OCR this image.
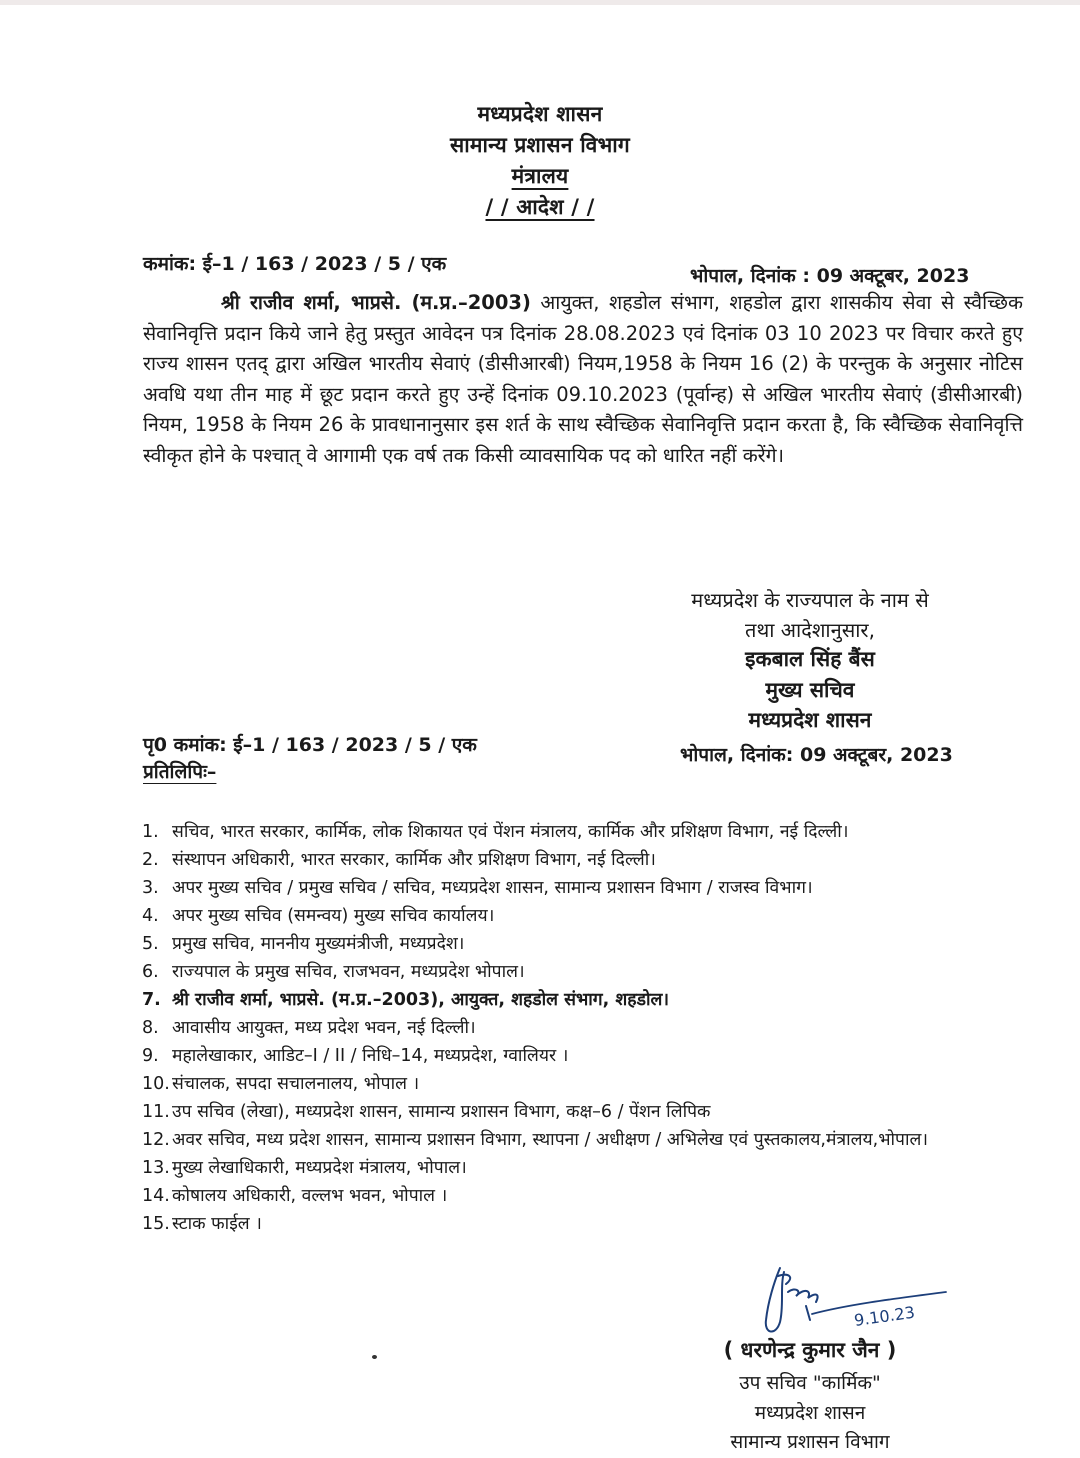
मध्यप्रदेश शासन
सामान्य प्रशासन विभाग
मंत्रालय
/ / आदेश / /
कमांक: ई–1 / 163 / 2023 / 5 / एक
भोपाल, दिनांक : 09 अक्टूबर, 2023
श्री राजीव शर्मा, भाप्रसे. (म.प्र.–2003) आयुक्त, शहडोल संभाग, शहडोल द्वारा शासकीय सेवा से स्वैच्छिक सेवानिवृत्ति प्रदान किये जाने हेतु प्रस्तुत आवेदन पत्र दिनांक 28.08.2023 एवं दिनांक 03 10 2023 पर विचार करते हुए राज्य शासन एतद् द्वारा अखिल भारतीय सेवाएं (डीसीआरबी) नियम,1958 के नियम 16 (2) के परन्तुक के अनुसार नोटिस अवधि यथा तीन माह में छूट प्रदान करते हुए उन्हें दिनांक 09.10.2023 (पूर्वान्ह) से अखिल भारतीय सेवाएं (डीसीआरबी) नियम, 1958 के नियम 26 के प्रावधानानुसार इस शर्त के साथ स्वैच्छिक सेवानिवृत्ति प्रदान करता है, कि स्वैच्छिक सेवानिवृत्ति स्वीकृत होने के पश्चात् वे आगामी एक वर्ष तक किसी व्यावसायिक पद को धारित नहीं करेंगे।
मध्यप्रदेश के राज्यपाल के नाम से
तथा आदेशानुसार,
इकबाल सिंह बैंस
मुख्य सचिव
मध्यप्रदेश शासन
पृ0 कमांक: ई–1 / 163 / 2023 / 5 / एक	भोपाल, दिनांक: 09 अक्टूबर, 2023
प्रतिलिपिः–
1. सचिव, भारत सरकार, कार्मिक, लोक शिकायत एवं पेंशन मंत्रालय, कार्मिक और प्रशिक्षण विभाग, नई दिल्ली।
2. संस्थापन अधिकारी, भारत सरकार, कार्मिक और प्रशिक्षण विभाग, नई दिल्ली।
3. अपर मुख्य सचिव / प्रमुख सचिव / सचिव, मध्यप्रदेश शासन, सामान्य प्रशासन विभाग / राजस्व विभाग।
4. अपर मुख्य सचिव (समन्वय) मुख्य सचिव कार्यालय।
5. प्रमुख सचिव, माननीय मुख्यमंत्रीजी, मध्यप्रदेश।
6. राज्यपाल के प्रमुख सचिव, राजभवन, मध्यप्रदेश भोपाल।
7. श्री राजीव शर्मा, भाप्रसे. (म.प्र.–2003), आयुक्त, शहडोल संभाग, शहडोल।
8. आवासीय आयुक्त, मध्य प्रदेश भवन, नई दिल्ली।
9. महालेखाकार, आडिट–I / II / निधि–14, मध्यप्रदेश, ग्वालियर ।
10. संचालक, सपदा सचालनालय, भोपाल ।
11. उप सचिव (लेखा), मध्यप्रदेश शासन, सामान्य प्रशासन विभाग, कक्ष–6 / पेंशन लिपिक
12. अवर सचिव, मध्य प्रदेश शासन, सामान्य प्रशासन विभाग, स्थापना / अधीक्षण / अभिलेख एवं पुस्तकालय,मंत्रालय,भोपाल।
13. मुख्य लेखाधिकारी, मध्यप्रदेश मंत्रालय, भोपाल।
14. कोषालय अधिकारी, वल्लभ भवन, भोपाल ।
15. स्टाक फाईल ।
9.10.23
( धरणेन्द्र कुमार जैन )
उप सचिव "कार्मिक"
मध्यप्रदेश शासन
सामान्य प्रशासन विभाग
